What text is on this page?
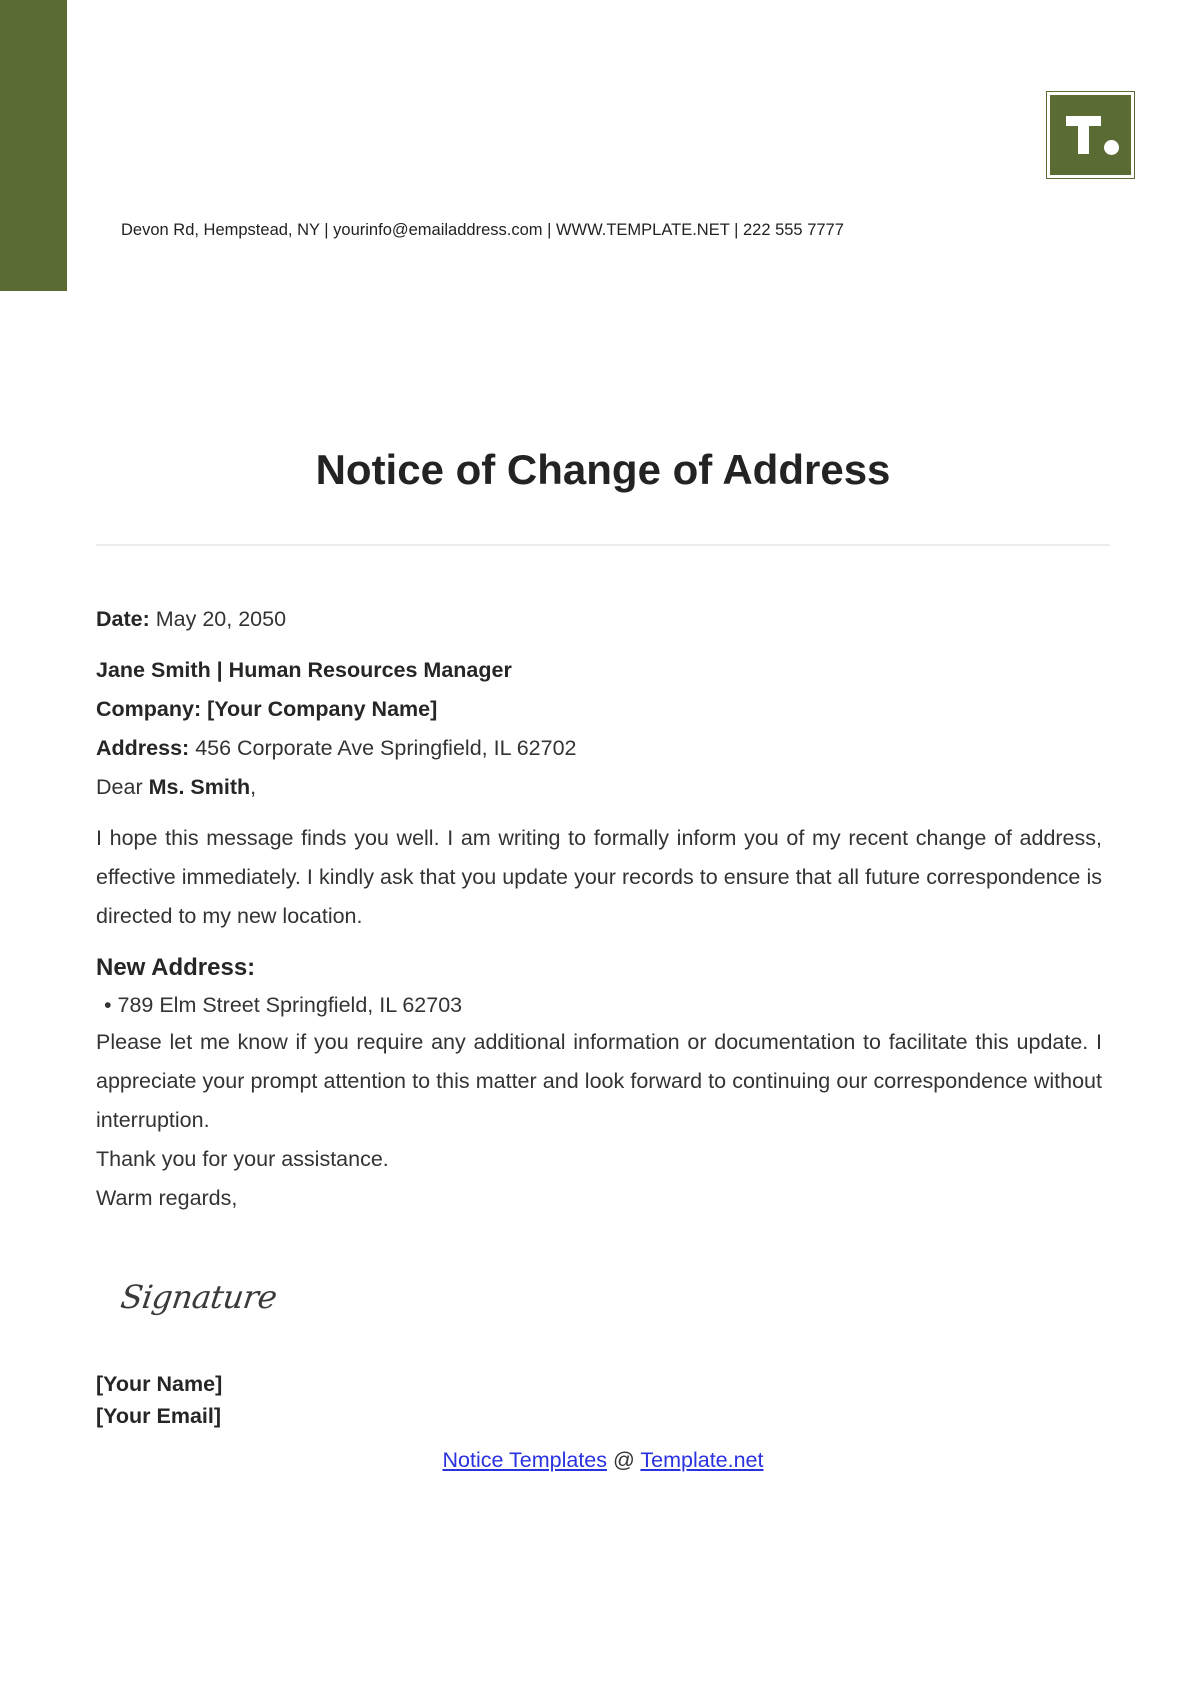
Devon Rd, Hempstead, NY | yourinfo@emailaddress.com | WWW.TEMPLATE.NET | 222 555 7777
Notice of Change of Address
Date: May 20, 2050
Jane Smith | Human Resources Manager
Company: [Your Company Name]
Address: 456 Corporate Ave Springfield, IL 62702
Dear Ms. Smith,

I hope this message finds you well. I am writing to formally inform you of my recent change of address, effective immediately. I kindly ask that you update your records to ensure that all future correspondence is directed to my new location.

New Address:
• 789 Elm Street Springfield, IL 62703

Please let me know if you require any additional information or documentation to facilitate this update. I appreciate your prompt attention to this matter and look forward to continuing our correspondence without interruption.

Thank you for your assistance.
Warm regards,
Signature
[Your Name]
[Your Email]
Notice Templates @ Template.net
